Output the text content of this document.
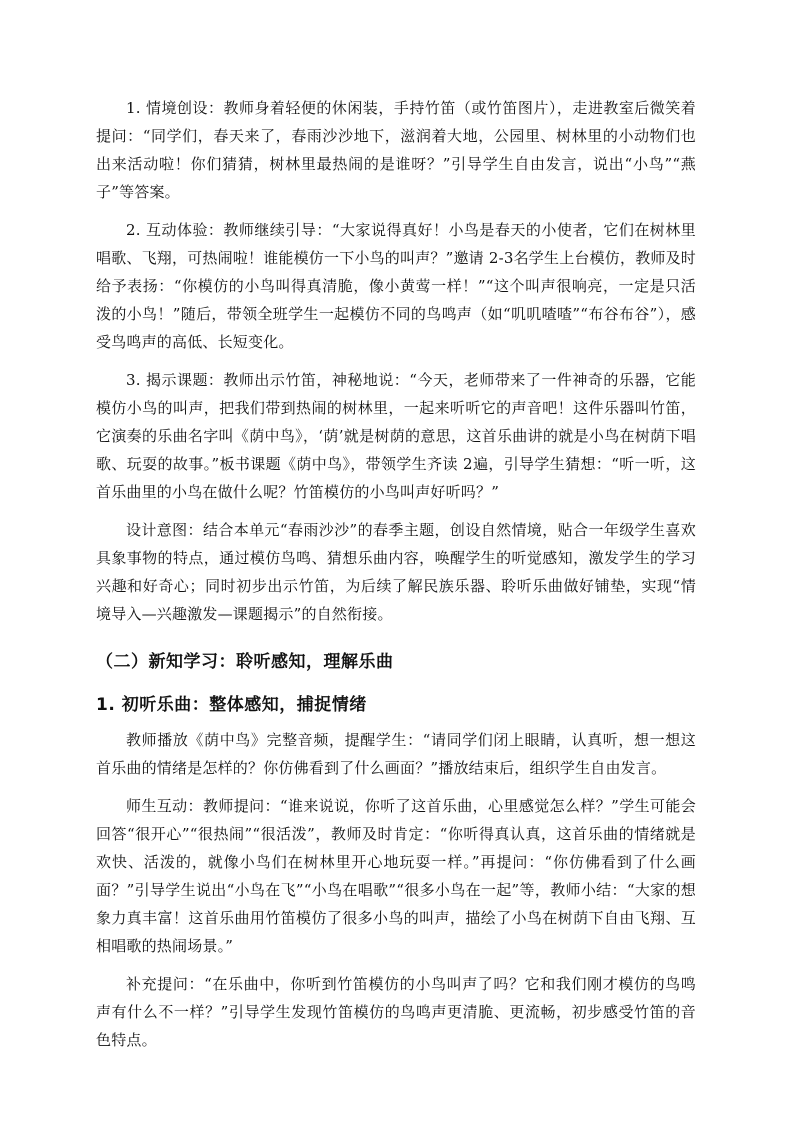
1. 情境创设：教师身着轻便的休闲装，手持竹笛（或竹笛图片），走进教室后微笑着提问：“同学们，春天来了，春雨沙沙地下，滋润着大地，公园里、树林里的小动物们也出来活动啦！你们猜猜，树林里最热闹的是谁呀？”引导学生自由发言，说出“小鸟”“燕子”等答案。

2. 互动体验：教师继续引导：“大家说得真好！小鸟是春天的小使者，它们在树林里唱歌、飞翔，可热闹啦！谁能模仿一下小鸟的叫声？”邀请 2-3名学生上台模仿，教师及时给予表扬：“你模仿的小鸟叫得真清脆，像小黄莺一样！”“这个叫声很响亮，一定是只活泼的小鸟！”随后，带领全班学生一起模仿不同的鸟鸣声（如“叽叽喳喳”“布谷布谷”），感受鸟鸣声的高低、长短变化。

3. 揭示课题：教师出示竹笛，神秘地说：“今天，老师带来了一件神奇的乐器，它能模仿小鸟的叫声，把我们带到热闹的树林里，一起来听听它的声音吧！这件乐器叫竹笛，它演奏的乐曲名字叫《荫中鸟》，‘荫’就是树荫的意思，这首乐曲讲的就是小鸟在树荫下唱歌、玩耍的故事。”板书课题《荫中鸟》，带领学生齐读 2遍，引导学生猜想：“听一听，这首乐曲里的小鸟在做什么呢？竹笛模仿的小鸟叫声好听吗？”

设计意图：结合本单元“春雨沙沙”的春季主题，创设自然情境，贴合一年级学生喜欢具象事物的特点，通过模仿鸟鸣、猜想乐曲内容，唤醒学生的听觉感知，激发学生的学习兴趣和好奇心；同时初步出示竹笛，为后续了解民族乐器、聆听乐曲做好铺垫，实现“情境导入—兴趣激发—课题揭示”的自然衔接。

（二）新知学习：聆听感知，理解乐曲
1. 初听乐曲：整体感知，捕捉情绪

教师播放《荫中鸟》完整音频，提醒学生：“请同学们闭上眼睛，认真听，想一想这首乐曲的情绪是怎样的？你仿佛看到了什么画面？”播放结束后，组织学生自由发言。

师生互动：教师提问：“谁来说说，你听了这首乐曲，心里感觉怎么样？”学生可能会回答“很开心”“很热闹”“很活泼”，教师及时肯定：“你听得真认真，这首乐曲的情绪就是欢快、活泼的，就像小鸟们在树林里开心地玩耍一样。”再提问：“你仿佛看到了什么画面？”引导学生说出“小鸟在飞”“小鸟在唱歌”“很多小鸟在一起”等，教师小结：“大家的想象力真丰富！这首乐曲用竹笛模仿了很多小鸟的叫声，描绘了小鸟在树荫下自由飞翔、互相唱歌的热闹场景。”

补充提问：“在乐曲中，你听到竹笛模仿的小鸟叫声了吗？它和我们刚才模仿的鸟鸣声有什么不一样？”引导学生发现竹笛模仿的鸟鸣声更清脆、更流畅，初步感受竹笛的音色特点。
